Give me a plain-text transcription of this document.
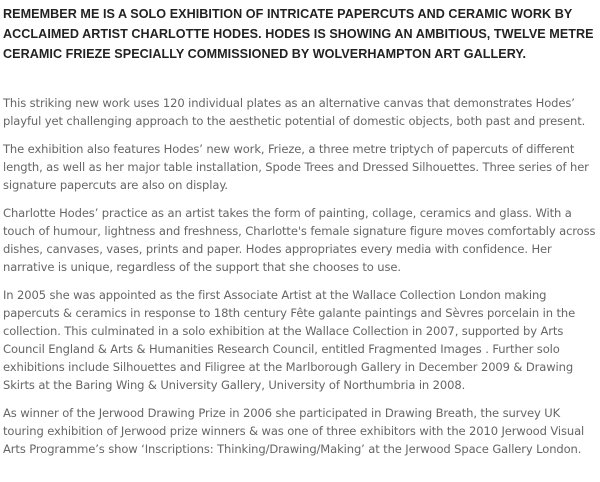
REMEMBER ME IS A SOLO EXHIBITION OF INTRICATE PAPERCUTS AND CERAMIC WORK BY ACCLAIMED ARTIST CHARLOTTE HODES. HODES IS SHOWING AN AMBITIOUS, TWELVE METRE CERAMIC FRIEZE SPECIALLY COMMISSIONED BY WOLVERHAMPTON ART GALLERY.

This striking new work uses 120 individual plates as an alternative canvas that demonstrates Hodes’ playful yet challenging approach to the aesthetic potential of domestic objects, both past and present.

The exhibition also features Hodes’ new work, Frieze, a three metre triptych of papercuts of different length, as well as her major table installation, Spode Trees and Dressed Silhouettes. Three series of her signature papercuts are also on display.

Charlotte Hodes’ practice as an artist takes the form of painting, collage, ceramics and glass. With a touch of humour, lightness and freshness, Charlotte's female signature figure moves comfortably across dishes, canvases, vases, prints and paper. Hodes appropriates every media with confidence. Her narrative is unique, regardless of the support that she chooses to use.

In 2005 she was appointed as the first Associate Artist at the Wallace Collection London making papercuts & ceramics in response to 18th century Fête galante paintings and Sèvres porcelain in the collection. This culminated in a solo exhibition at the Wallace Collection in 2007, supported by Arts Council England & Arts & Humanities Research Council, entitled Fragmented Images . Further solo exhibitions include Silhouettes and Filigree at the Marlborough Gallery in December 2009 & Drawing Skirts at the Baring Wing & University Gallery, University of Northumbria in 2008.

As winner of the Jerwood Drawing Prize in 2006 she participated in Drawing Breath, the survey UK touring exhibition of Jerwood prize winners & was one of three exhibitors with the 2010 Jerwood Visual Arts Programme’s show ‘Inscriptions: Thinking/Drawing/Making’ at the Jerwood Space Gallery London.
